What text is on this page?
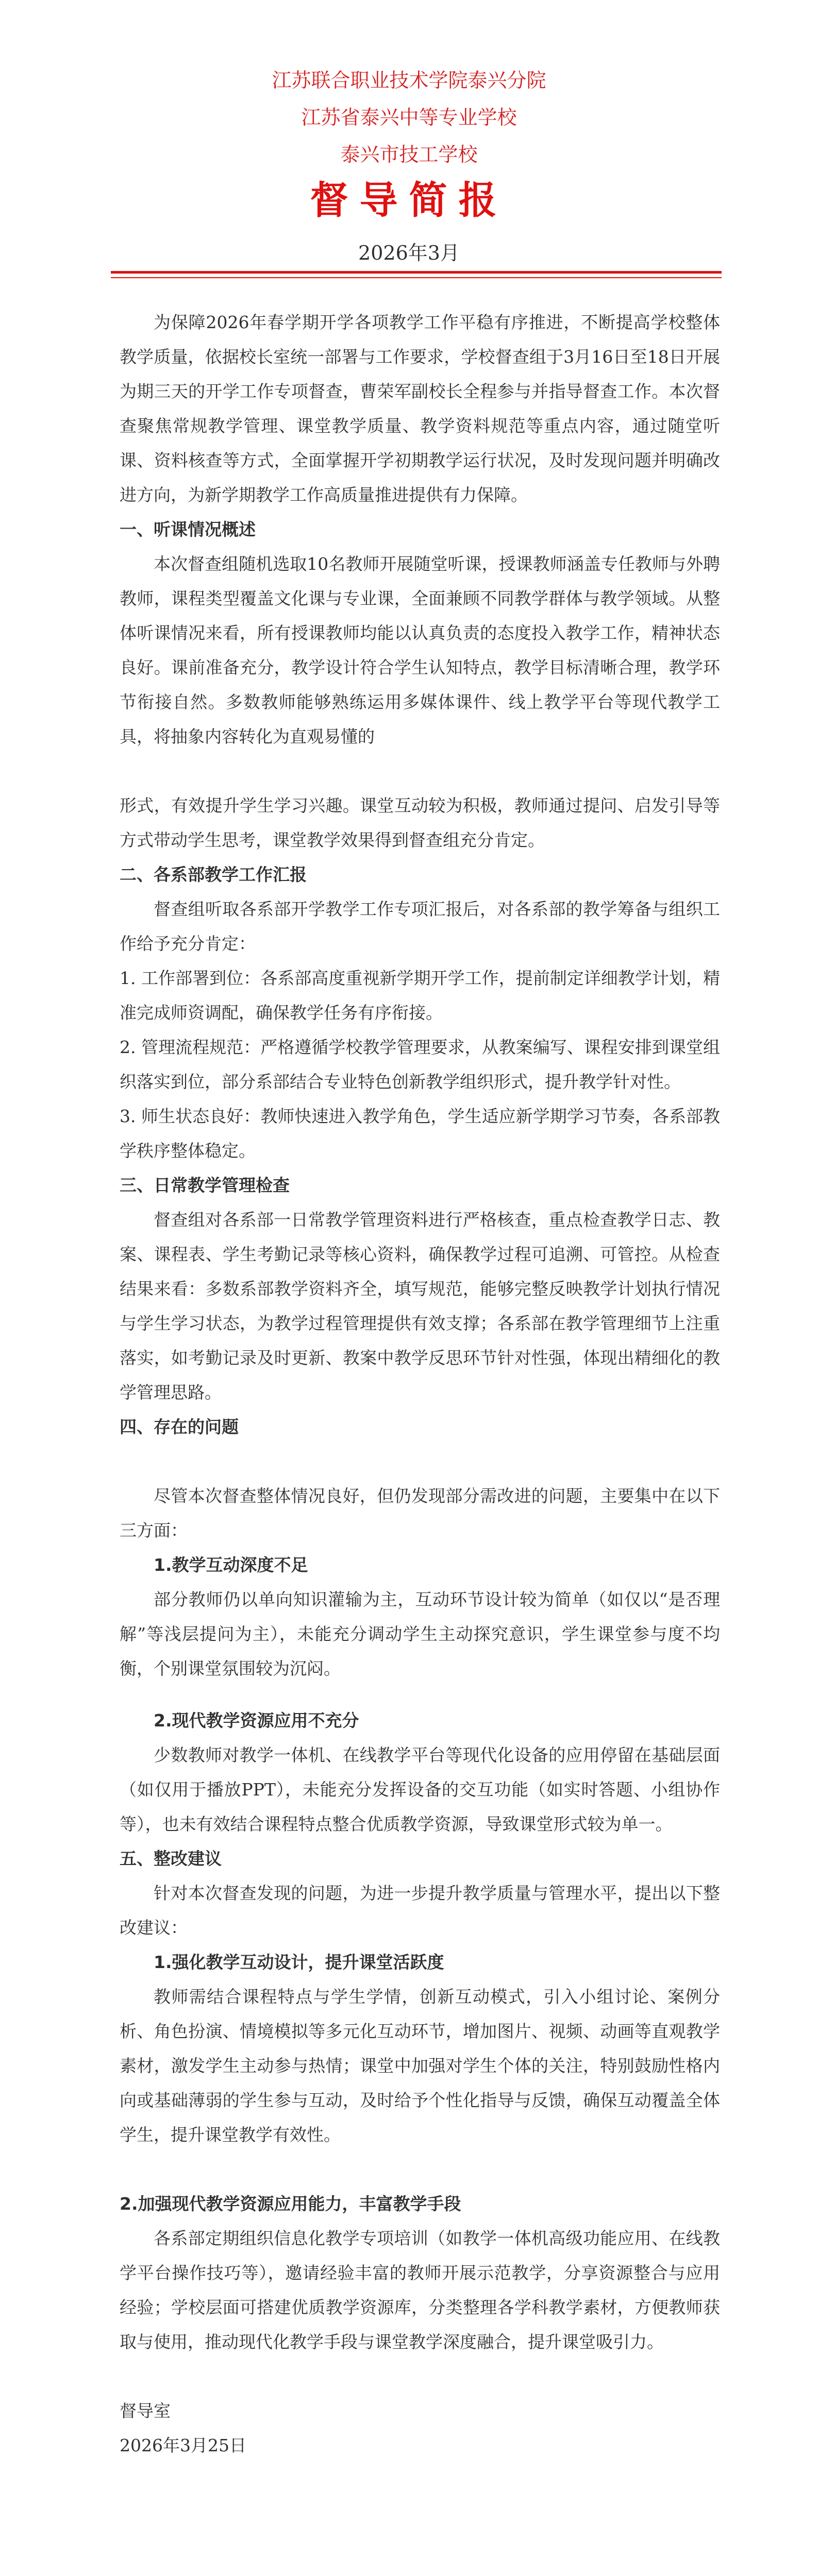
江苏联合职业技术学院泰兴分院
江苏省泰兴中等专业学校
泰兴市技工学校
督导简报
2026年3月

为保障2026年春学期开学各项教学工作平稳有序推进，不断提高学校整体教学质量，依据校长室统一部署与工作要求，学校督查组于3月16日至18日开展为期三天的开学工作专项督查，曹荣军副校长全程参与并指导督查工作。本次督查聚焦常规教学管理、课堂教学质量、教学资料规范等重点内容，通过随堂听课、资料核查等方式，全面掌握开学初期教学运行状况，及时发现问题并明确改进方向，为新学期教学工作高质量推进提供有力保障。

一、听课情况概述

本次督查组随机选取10名教师开展随堂听课，授课教师涵盖专任教师与外聘教师，课程类型覆盖文化课与专业课，全面兼顾不同教学群体与教学领域。从整体听课情况来看，所有授课教师均能以认真负责的态度投入教学工作，精神状态良好。课前准备充分，教学设计符合学生认知特点，教学目标清晰合理，教学环节衔接自然。多数教师能够熟练运用多媒体课件、线上教学平台等现代教学工具，将抽象内容转化为直观易懂的

形式，有效提升学生学习兴趣。课堂互动较为积极，教师通过提问、启发引导等方式带动学生思考，课堂教学效果得到督查组充分肯定。

二、各系部教学工作汇报

督查组听取各系部开学教学工作专项汇报后，对各系部的教学筹备与组织工作给予充分肯定：

1. 工作部署到位：各系部高度重视新学期开学工作，提前制定详细教学计划，精准完成师资调配，确保教学任务有序衔接。

2. 管理流程规范：严格遵循学校教学管理要求，从教案编写、课程安排到课堂组织落实到位，部分系部结合专业特色创新教学组织形式，提升教学针对性。

3. 师生状态良好：教师快速进入教学角色，学生适应新学期学习节奏，各系部教学秩序整体稳定。

三、日常教学管理检查

督查组对各系部一日常教学管理资料进行严格核查，重点检查教学日志、教案、课程表、学生考勤记录等核心资料，确保教学过程可追溯、可管控。从检查结果来看：多数系部教学资料齐全，填写规范，能够完整反映教学计划执行情况与学生学习状态，为教学过程管理提供有效支撑；各系部在教学管理细节上注重落实，如考勤记录及时更新、教案中教学反思环节针对性强，体现出精细化的教学管理思路。

四、存在的问题

尽管本次督查整体情况良好，但仍发现部分需改进的问题，主要集中在以下三方面：

1.教学互动深度不足

部分教师仍以单向知识灌输为主，互动环节设计较为简单（如仅以“是否理解”等浅层提问为主），未能充分调动学生主动探究意识，学生课堂参与度不均衡，个别课堂氛围较为沉闷。

2.现代教学资源应用不充分

少数教师对教学一体机、在线教学平台等现代化设备的应用停留在基础层面（如仅用于播放PPT），未能充分发挥设备的交互功能（如实时答题、小组协作等），也未有效结合课程特点整合优质教学资源，导致课堂形式较为单一。

五、整改建议

针对本次督查发现的问题，为进一步提升教学质量与管理水平，提出以下整改建议：

1.强化教学互动设计，提升课堂活跃度

教师需结合课程特点与学生学情，创新互动模式，引入小组讨论、案例分析、角色扮演、情境模拟等多元化互动环节，增加图片、视频、动画等直观教学素材，激发学生主动参与热情；课堂中加强对学生个体的关注，特别鼓励性格内向或基础薄弱的学生参与互动，及时给予个性化指导与反馈，确保互动覆盖全体学生，提升课堂教学有效性。

2.加强现代教学资源应用能力，丰富教学手段

各系部定期组织信息化教学专项培训（如教学一体机高级功能应用、在线教学平台操作技巧等），邀请经验丰富的教师开展示范教学，分享资源整合与应用经验；学校层面可搭建优质教学资源库，分类整理各学科教学素材，方便教师获取与使用，推动现代化教学手段与课堂教学深度融合，提升课堂吸引力。

督导室

2026年3月25日
